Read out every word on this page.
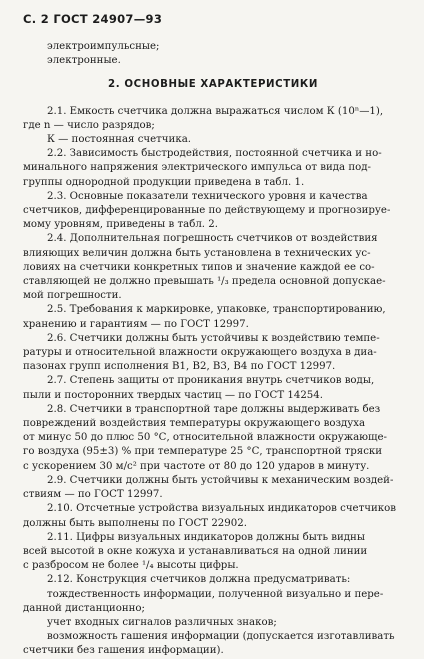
С. 2 ГОСТ 24907—93
электроимпульсные;
электронные.
2. ОСНОВНЫЕ ХАРАКТЕРИСТИКИ
2.1. Емкость счетчика должна выражаться числом К (10ⁿ—1),
где n — число разрядов;
К — постоянная счетчика.
2.2. Зависимость быстродействия, постоянной счетчика и но-
минального напряжения электрического импульса от вида под-
группы однородной продукции приведена в табл. 1.
2.3. Основные показатели технического уровня и качества
счетчиков, дифференцированные по действующему и прогнозируе-
мому уровням, приведены в табл. 2.
2.4. Дополнительная погрешность счетчиков от воздействия
влияющих величин должна быть установлена в технических ус-
ловиях на счетчики конкретных типов и значение каждой ее со-
ставляющей не должно превышать ¹/₃ предела основной допускае-
мой погрешности.
2.5. Требования к маркировке, упаковке, транспортированию,
хранению и гарантиям — по ГОСТ 12997.
2.6. Счетчики должны быть устойчивы к воздействию темпе-
ратуры и относительной влажности окружающего воздуха в диа-
пазонах групп исполнения В1, В2, В3, В4 по ГОСТ 12997.
2.7. Степень защиты от проникания внутрь счетчиков воды,
пыли и посторонних твердых частиц — по ГОСТ 14254.
2.8. Счетчики в транспортной таре должны выдерживать без
повреждений воздействия температуры окружающего воздуха
от минус 50 до плюс 50 °С, относительной влажности окружающе-
го воздуха (95±3) % при температуре 25 °С, транспортной тряски
с ускорением 30 м/с² при частоте от 80 до 120 ударов в минуту.
2.9. Счетчики должны быть устойчивы к механическим воздей-
ствиям — по ГОСТ 12997.
2.10. Отсчетные устройства визуальных индикаторов счетчиков
должны быть выполнены по ГОСТ 22902.
2.11. Цифры визуальных индикаторов должны быть видны
всей высотой в окне кожуха и устанавливаться на одной линии
с разбросом не более ¹/₄ высоты цифры.
2.12. Конструкция счетчиков должна предусматривать:
тождественность информации, полученной визуально и пере-
данной дистанционно;
учет входных сигналов различных знаков;
возможность гашения информации (допускается изготавливать
счетчики без гашения информации).
